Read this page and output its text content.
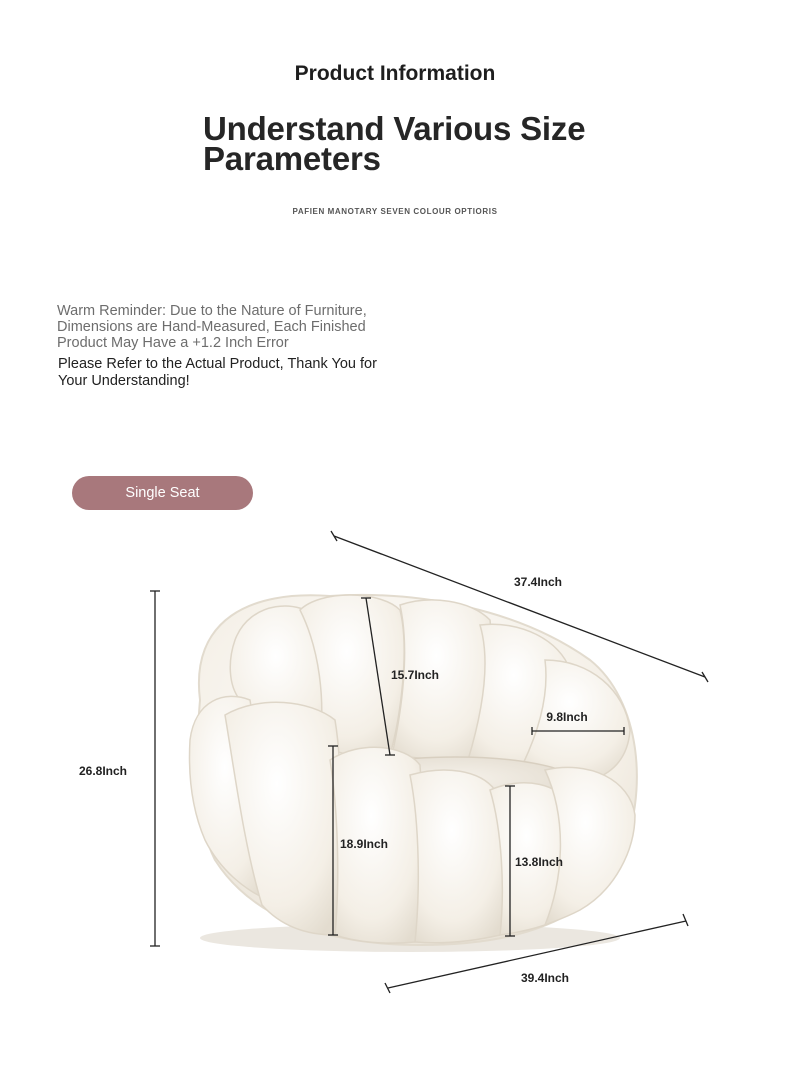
Product Information
Understand Various Size Parameters
PAFIEN MANOTARY SEVEN COLOUR OPTIORIS
Warm Reminder: Due to the Nature of Furniture, Dimensions are Hand-Measured, Each Finished Product May Have a +1.2 Inch Error
Please Refer to the Actual Product, Thank You for Your Understanding!
Single Seat
37.4Inch
15.7Inch
9.8Inch
26.8Inch
18.9Inch
13.8Inch
39.4Inch
